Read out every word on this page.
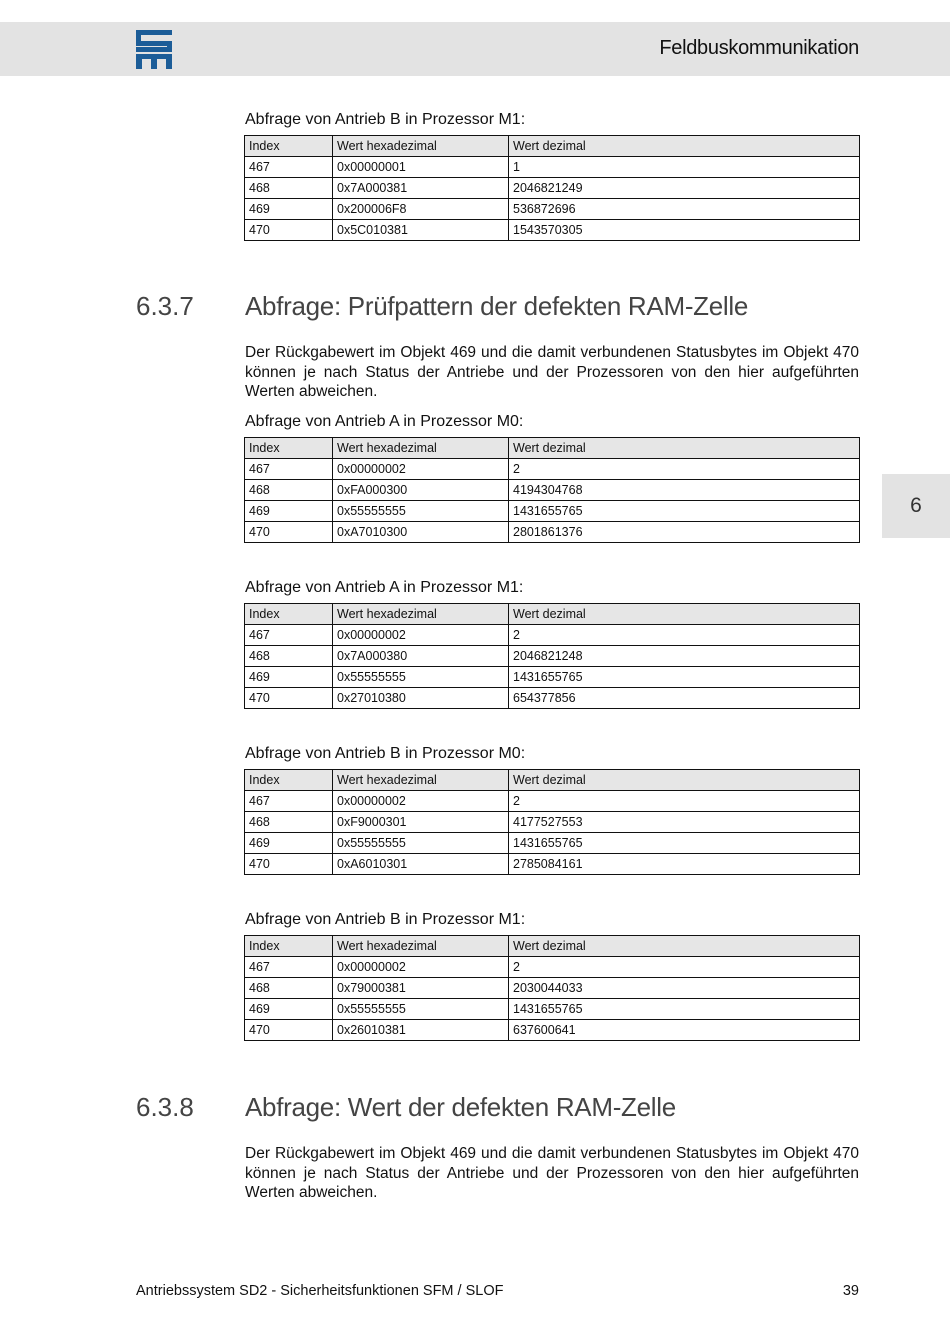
Feldbuskommunikation
6
Abfrage von Antrieb B in Prozessor M1:
Index	Wert hexadezimal	Wert dezimal
467	0x00000001	1
468	0x7A000381	2046821249
469	0x200006F8	536872696
470	0x5C010381	1543570305
6.3.7 Abfrage: Prüfpattern der defekten RAM-Zelle

Der Rückgabewert im Objekt 469 und die damit verbundenen Statusbytes im Objekt 470 können je nach Status der Antriebe und der Prozessoren von den hier aufgeführten Werten abweichen.

Abfrage von Antrieb A in Prozessor M0:
Index	Wert hexadezimal	Wert dezimal
467	0x00000002	2
468	0xFA000300	4194304768
469	0x55555555	1431655765
470	0xA7010300	2801861376
Abfrage von Antrieb A in Prozessor M1:
Index	Wert hexadezimal	Wert dezimal
467	0x00000002	2
468	0x7A000380	2046821248
469	0x55555555	1431655765
470	0x27010380	654377856
Abfrage von Antrieb B in Prozessor M0:
Index	Wert hexadezimal	Wert dezimal
467	0x00000002	2
468	0xF9000301	4177527553
469	0x55555555	1431655765
470	0xA6010301	2785084161
Abfrage von Antrieb B in Prozessor M1:
Index	Wert hexadezimal	Wert dezimal
467	0x00000002	2
468	0x79000381	2030044033
469	0x55555555	1431655765
470	0x26010381	637600641
6.3.8 Abfrage: Wert der defekten RAM-Zelle

Der Rückgabewert im Objekt 469 und die damit verbundenen Statusbytes im Objekt 470 können je nach Status der Antriebe und der Prozessoren von den hier aufgeführten Werten abweichen.

Antriebssystem SD2 - Sicherheitsfunktionen SFM / SLOF	39
